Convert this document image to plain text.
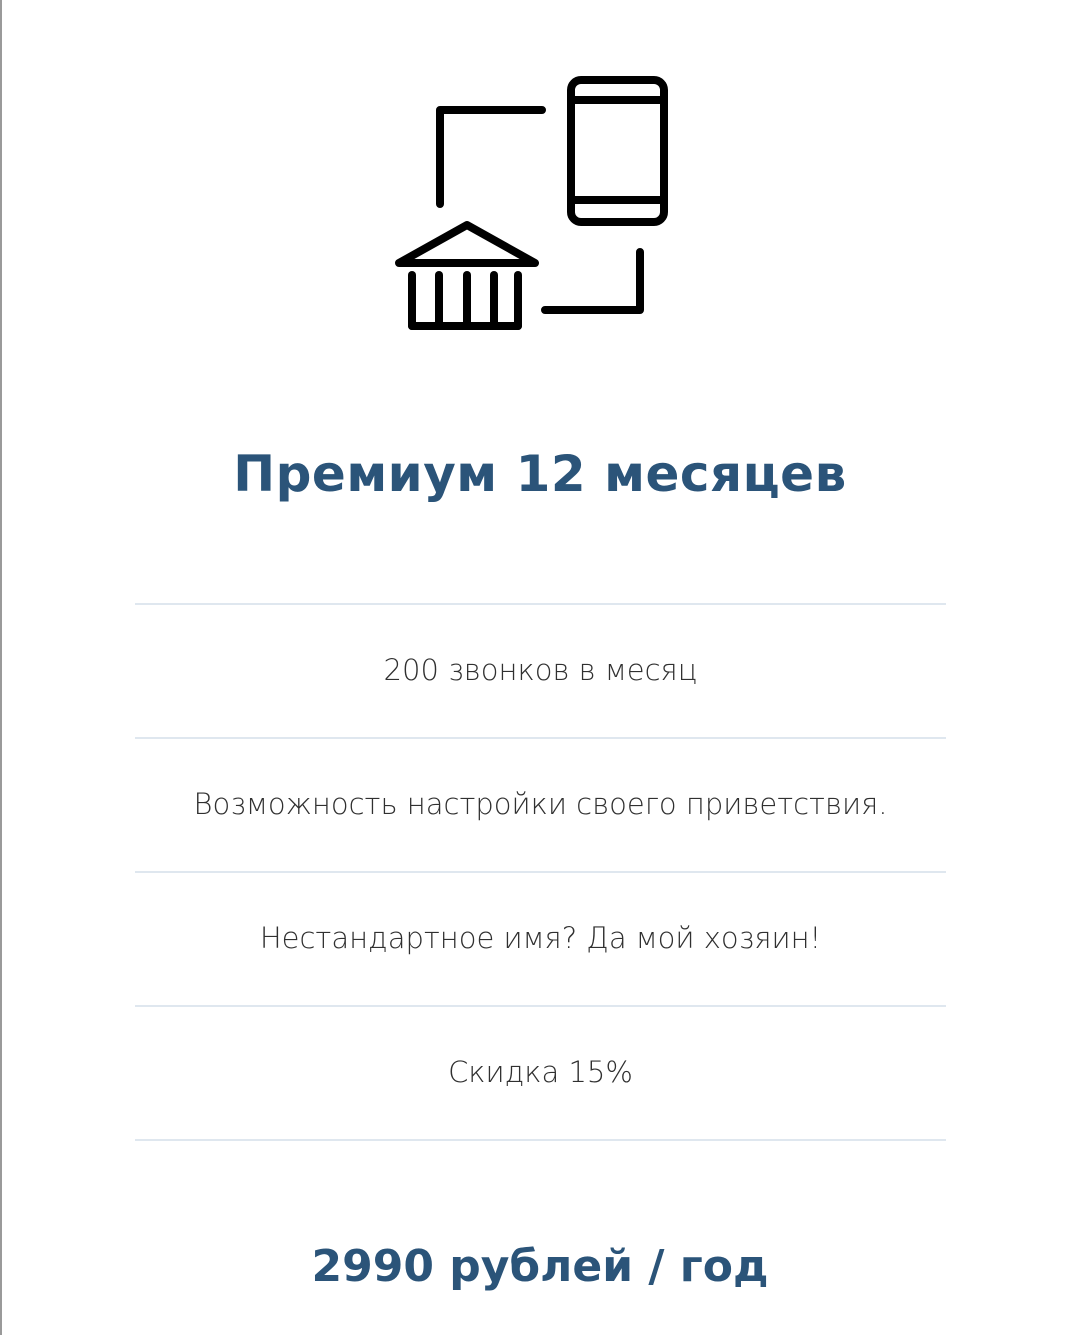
Премиум 12 месяцев
200 звонков в месяц
Возможность настройки своего приветствия.
Нестандартное имя? Да мой хозяин!
Скидка 15%
2990 рублей / год
